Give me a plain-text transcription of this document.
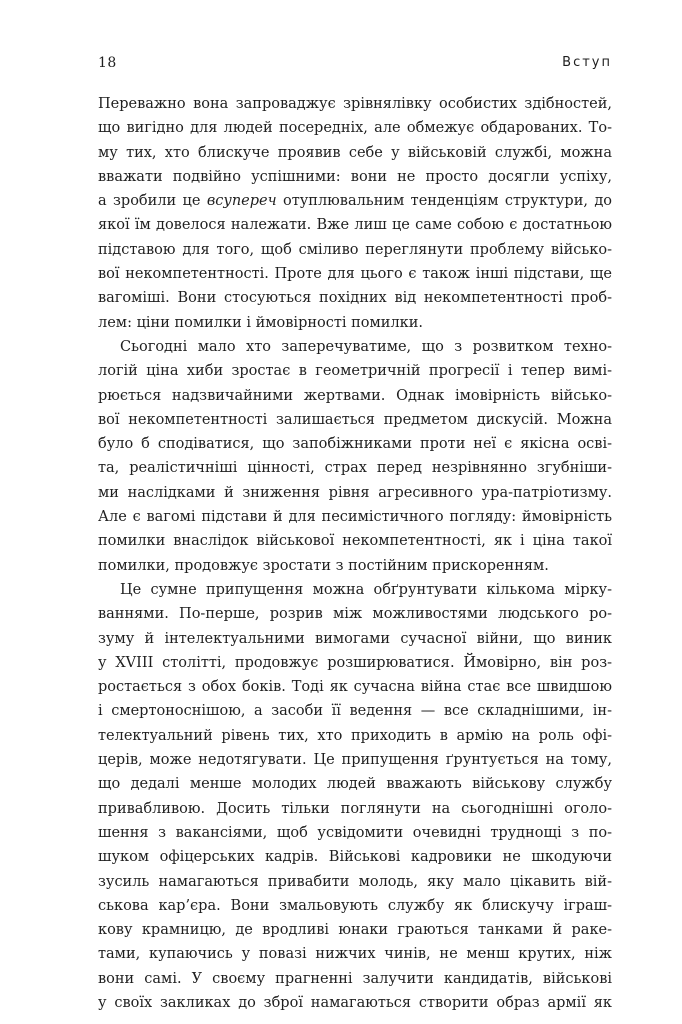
18	Вступ
Переважно вона запроваджує зрівнялівку особистих здібностей,
що вигідно для людей посередніх, але обмежує обдарованих. То-
му тих, хто блискуче проявив себе у військовій службі, можна
вважати подвійно успішними: вони не просто досягли успіху,
а зробили це всупереч отуплювальним тенденціям структури, до
якої їм довелося належати. Вже лиш це саме собою є достатньою
підставою для того, щоб сміливо переглянути проблему військо-
вої некомпетентності. Проте для цього є також інші підстави, ще
вагоміші. Вони стосуються похідних від некомпетентності проб-
лем: ціни помилки і ймовірності помилки.
Сьогодні мало хто заперечуватиме, що з розвитком техно-
логій ціна хиби зростає в геометричній прогресії і тепер вимі-
рюється надзвичайними жертвами. Однак імовірність військо-
вої некомпетентності залишається предметом дискусій. Можна
було б сподіватися, що запобіжниками проти неї є якісна осві-
та, реалістичніші цінності, страх перед незрівнянно згубніши-
ми наслідками й зниження рівня агресивного ура-патріотизму.
Але є вагомі підстави й для песимістичного погляду: ймовірність
помилки внаслідок військової некомпетентності, як і ціна такої
помилки, продовжує зростати з постійним прискоренням.
Це сумне припущення можна обґрунтувати кількома мірку-
ваннями. По-перше, розрив між можливостями людського ро-
зуму й інтелектуальними вимогами сучасної війни, що виник
у XVIII столітті, продовжує розширюватися. Ймовірно, він роз-
ростається з обох боків. Тоді як сучасна війна стає все швидшою
і смертоноснішою, а засоби її ведення — все складнішими, ін-
телектуальний рівень тих, хто приходить в армію на роль офі-
церів, може недотягувати. Це припущення ґрунтується на тому,
що дедалі менше молодих людей вважають військову службу
привабливою. Досить тільки поглянути на сьогоднішні оголо-
шення з вакансіями, щоб усвідомити очевидні труднощі з по-
шуком офіцерських кадрів. Військові кадровики не шкодуючи
зусиль намагаються привабити молодь, яку мало цікавить вій-
ськова кар’єра. Вони змальовують службу як блискучу іграш-
кову крамницю, де вродливі юнаки граються танками й ракe-
тами, купаючись у повазі нижчих чинів, не менш крутих, ніж
вони самі. У своєму прагненні залучити кандидатів, військові
у своїх закликах до зброї намагаються створити образ армії як
